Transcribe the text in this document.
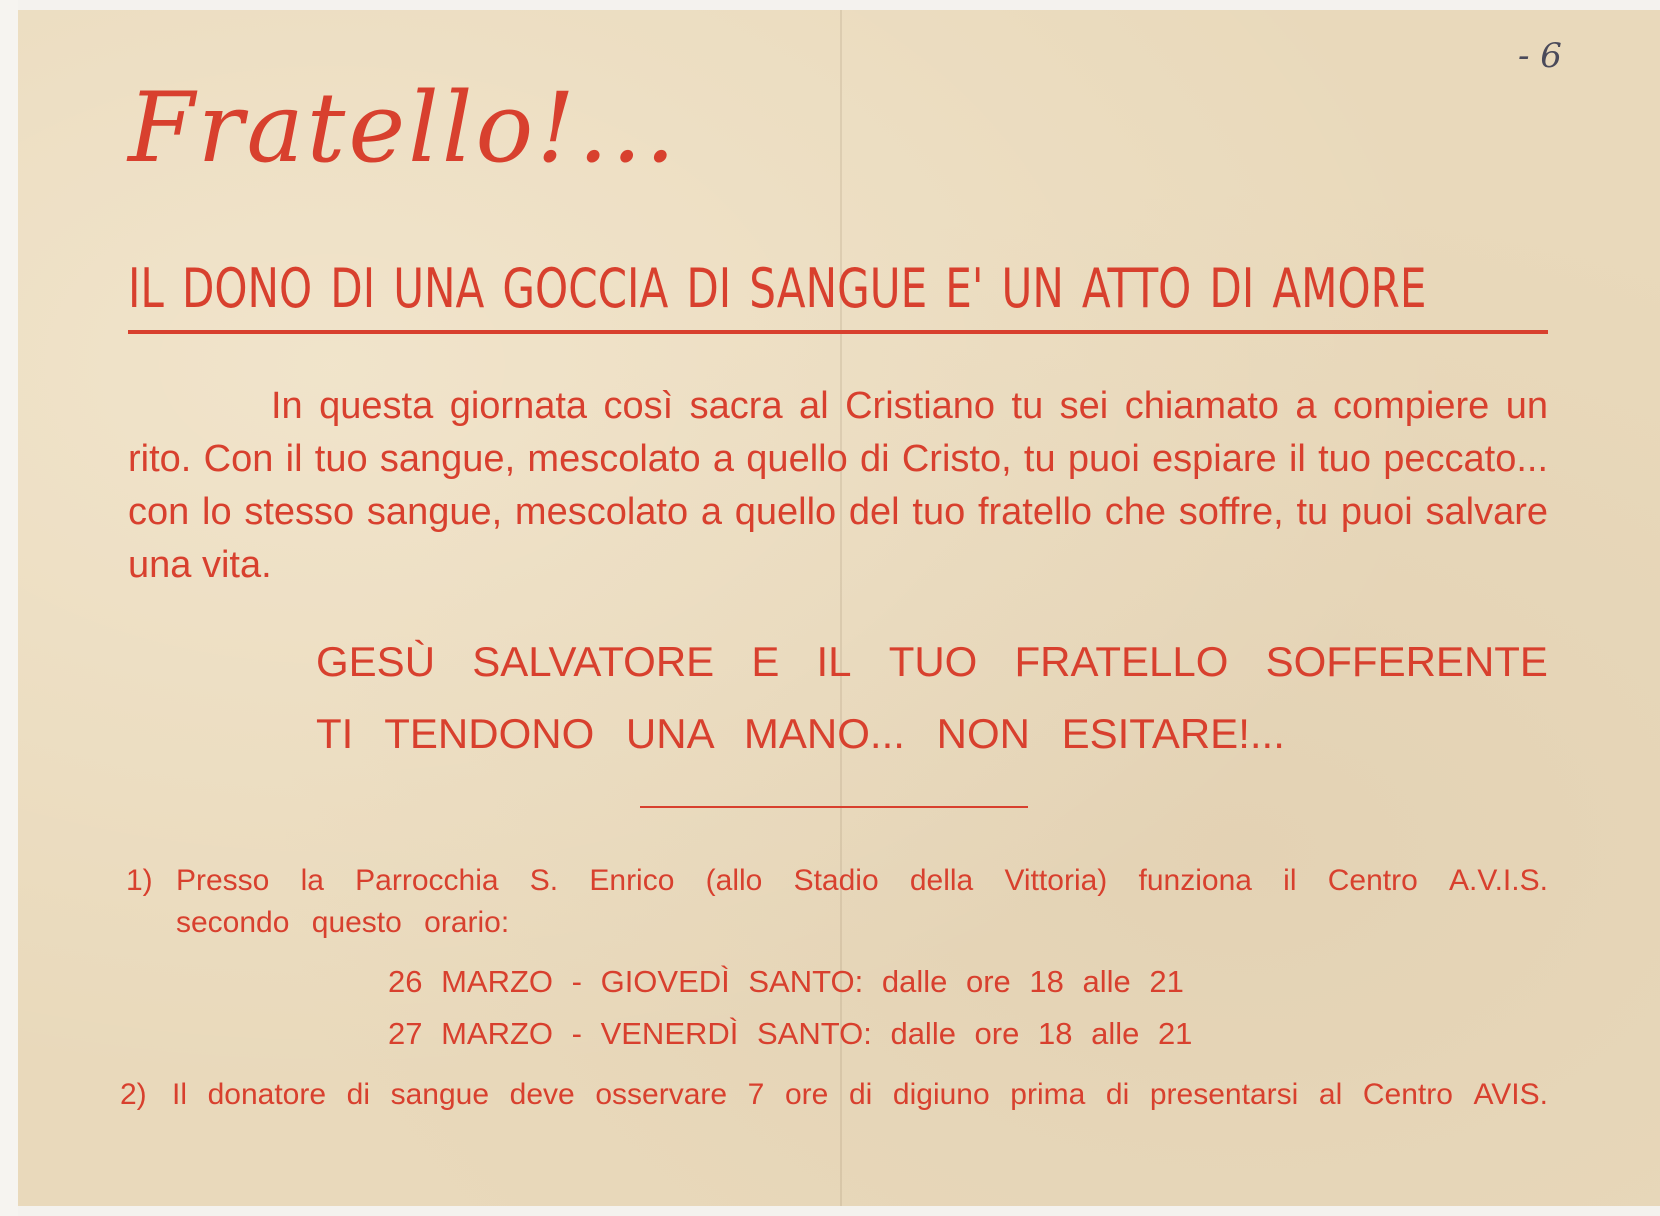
- 6
Fratello!...
IL DONO DI UNA GOCCIA DI SANGUE E' UN ATTO DI AMORE

In questa giornata così sacra al Cristiano tu sei chiamato a compiere un rito. Con il tuo sangue, mescolato a quello di Cristo, tu puoi espiare il tuo peccato... con lo stesso sangue, mescolato a quello del tuo fratello che soffre, tu puoi salvare una vita.

GESÙ SALVATORE E IL TUO FRATELLO SOFFERENTE
TI TENDONO UNA MANO... NON ESITARE!...
1) Presso la Parrocchia S. Enrico (allo Stadio della Vittoria) funziona il Centro A.V.I.S.
secondo questo orario:
26 MARZO - GIOVEDÌ SANTO: dalle ore 18 alle 21
27 MARZO - VENERDÌ SANTO: dalle ore 18 alle 21
2) Il donatore di sangue deve osservare 7 ore di digiuno prima di presentarsi al Centro AVIS.
